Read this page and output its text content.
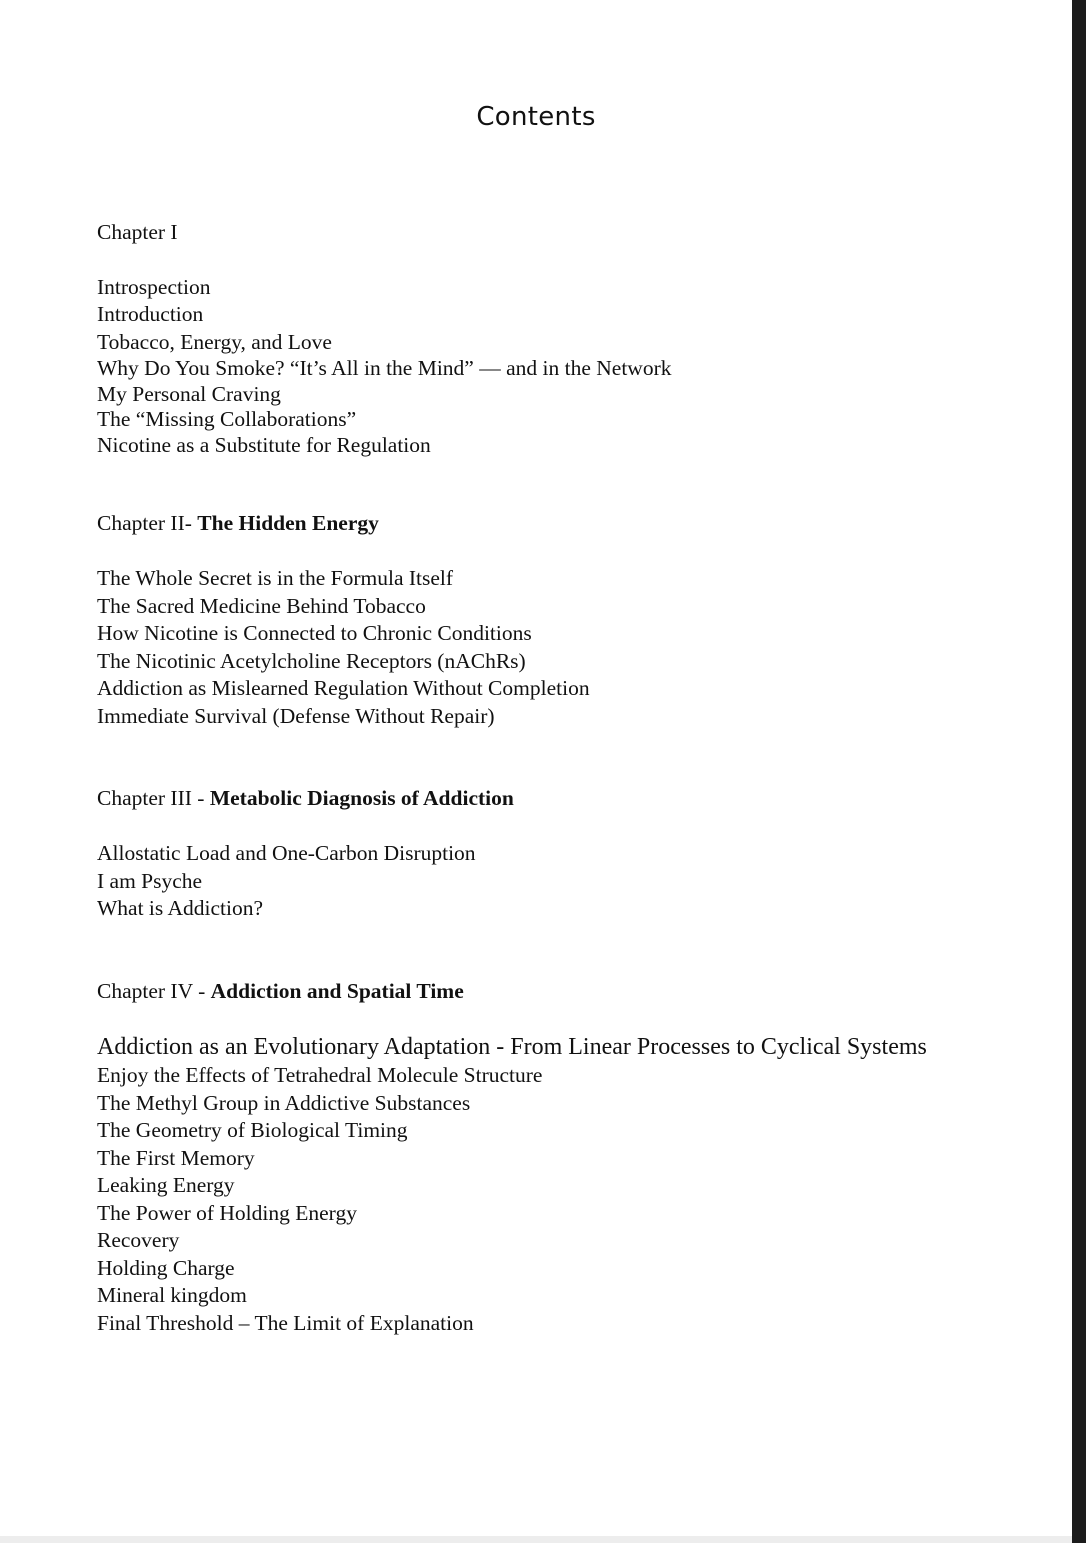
Contents
Chapter I
Introspection
Introduction
Tobacco, Energy, and Love
Why Do You Smoke? “It’s All in the Mind” — and in the Network
My Personal Craving
The “Missing Collaborations”
Nicotine as a Substitute for Regulation
Chapter II- The Hidden Energy
The Whole Secret is in the Formula Itself
The Sacred Medicine Behind Tobacco
How Nicotine is Connected to Chronic Conditions
The Nicotinic Acetylcholine Receptors (nAChRs)
Addiction as Mislearned Regulation Without Completion
Immediate Survival (Defense Without Repair)
Chapter III - Metabolic Diagnosis of Addiction
Allostatic Load and One-Carbon Disruption
I am Psyche
What is Addiction?
Chapter IV - Addiction and Spatial Time
Addiction as an Evolutionary Adaptation - From Linear Processes to Cyclical Systems
Enjoy the Effects of Tetrahedral Molecule Structure
The Methyl Group in Addictive Substances
The Geometry of Biological Timing
The First Memory
Leaking Energy
The Power of Holding Energy
Recovery
Holding Charge
Mineral kingdom
Final Threshold – The Limit of Explanation
